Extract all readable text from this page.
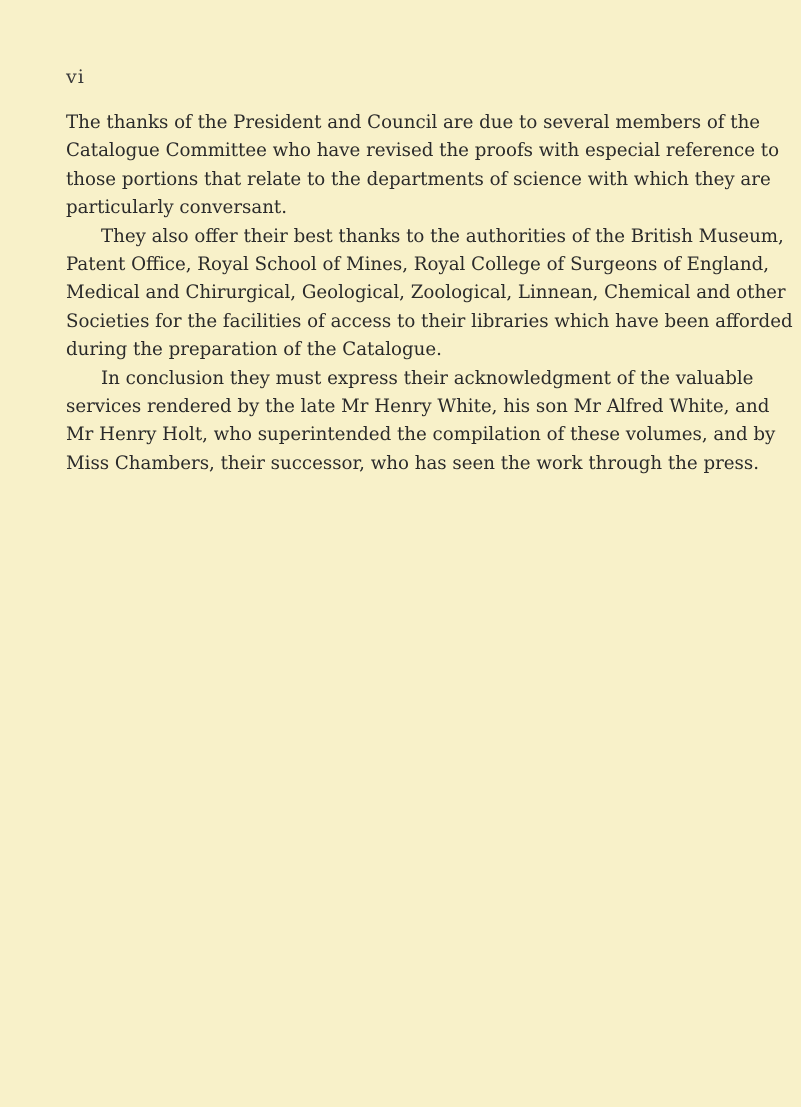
vi
The thanks of the President and Council are due to several members of the
Catalogue Committee who have revised the proofs with especial reference to
those portions that relate to the departments of science with which they are
particularly conversant.
They also offer their best thanks to the authorities of the British Museum,
Patent Office, Royal School of Mines, Royal College of Surgeons of England,
Medical and Chirurgical, Geological, Zoological, Linnean, Chemical and other
Societies for the facilities of access to their libraries which have been afforded
during the preparation of the Catalogue.
In conclusion they must express their acknowledgment of the valuable
services rendered by the late Mr Henry White, his son Mr Alfred White, and
Mr Henry Holt, who superintended the compilation of these volumes, and by
Miss Chambers, their successor, who has seen the work through the press.
